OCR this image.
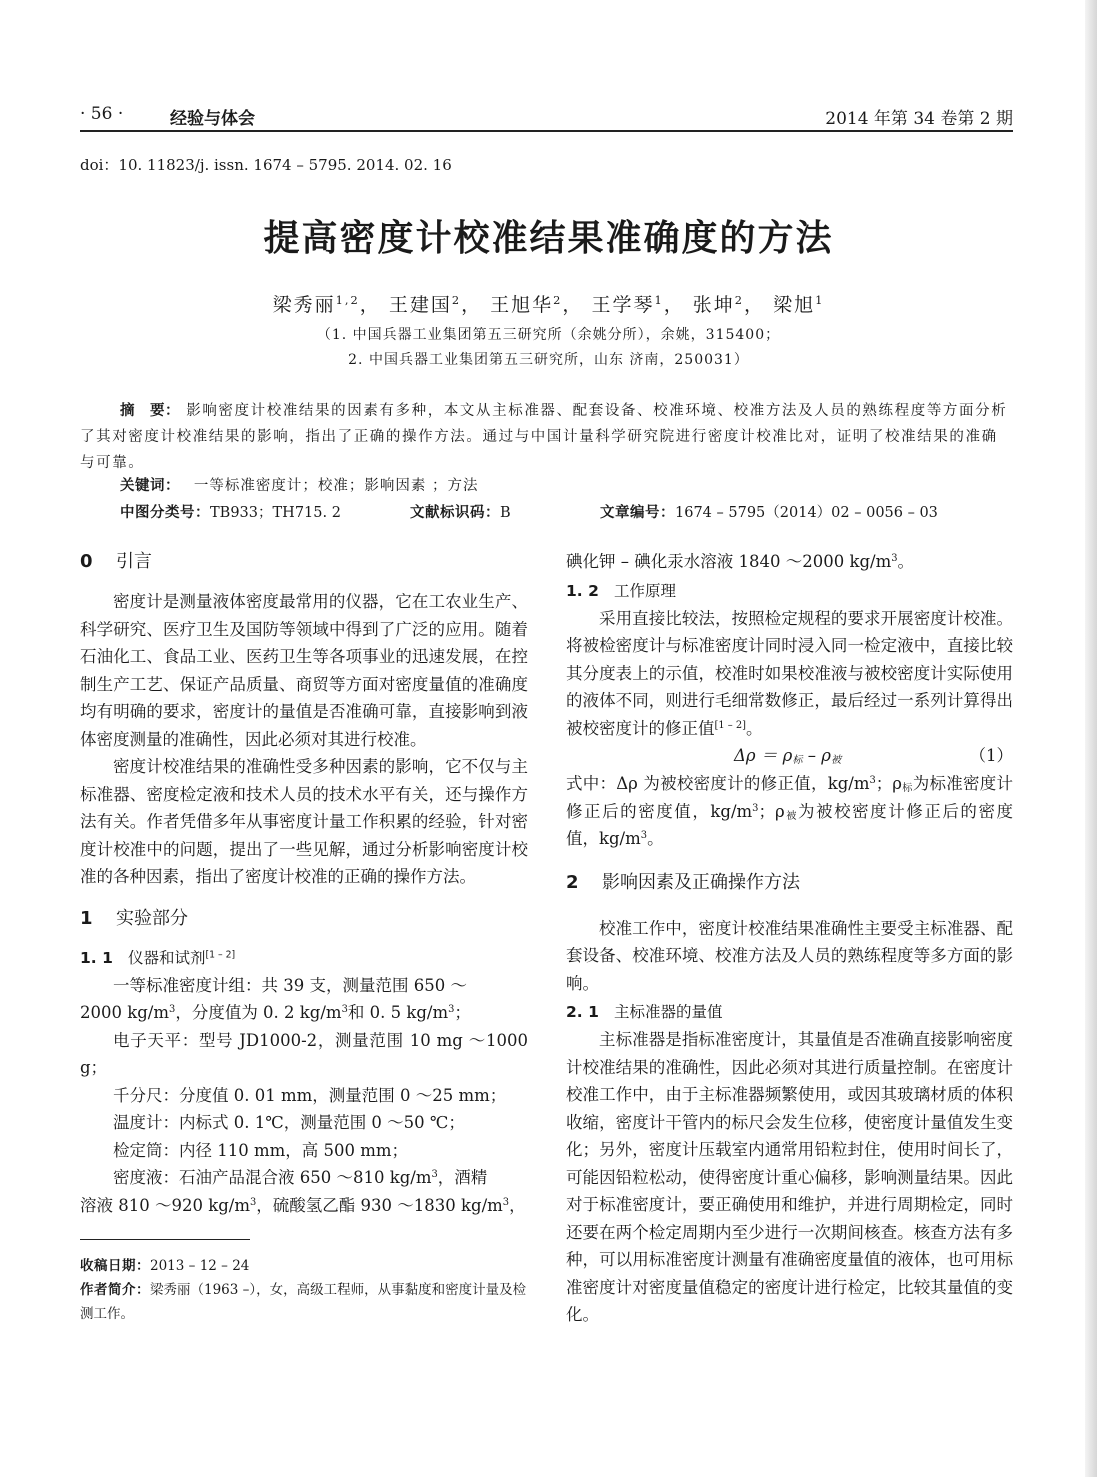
· 56 ·	经验与体会	2014 年第 34 卷第 2 期
doi：10. 11823/j. issn. 1674 – 5795. 2014. 02. 16
提高密度计校准结果准确度的方法
梁秀丽$^{1,2}$， 王建国$^2$， 王旭华$^2$， 王学琴$^1$， 张坤$^2$， 梁旭$^1$
（1. 中国兵器工业集团第五三研究所（余姚分所），余姚，315400；
2. 中国兵器工业集团第五三研究所，山东 济南，250031）
摘　要： 影响密度计校准结果的因素有多种，本文从主标准器、配套设备、校准环境、校准方法及人员的熟练程度等方面分析了其对密度计校准结果的影响，指出了正确的操作方法。通过与中国计量科学研究院进行密度计校准比对，证明了校准结果的准确与可靠。
关键词：　 一等标准密度计；校准；影响因素 ；方法
中图分类号：TB933；TH715. 2	文献标识码：B	文章编号：1674 – 5795（2014）02 – 0056 – 03
0 引言

密度计是测量液体密度最常用的仪器，它在工农业生产、科学研究、医疗卫生及国防等领域中得到了广泛的应用。随着石油化工、食品工业、医药卫生等各项事业的迅速发展，在控制生产工艺、保证产品质量、商贸等方面对密度量值的准确度均有明确的要求，密度计的量值是否准确可靠，直接影响到液体密度测量的准确性，因此必须对其进行校准。

密度计校准结果的准确性受多种因素的影响，它不仅与主标准器、密度检定液和技术人员的技术水平有关，还与操作方法有关。作者凭借多年从事密度计量工作积累的经验，针对密度计校准中的问题，提出了一些见解，通过分析影响密度计校准的各种因素，指出了密度计校准的正确的操作方法。

1 实验部分
1. 1 仪器和试剂[1 – 2]

一等标准密度计组：共 39 支，测量范围 650 ～

2000 $kg/m^3$，分度值为 0. 2 $kg/m^3$和 0. 5 $kg/m^3$；

电子天平：型号 JD1000-2，测量范围 10 mg ～1000 g；

千分尺：分度值 0. 01 mm，测量范围 0 ～25 mm；

温度计：内标式 0. 1℃，测量范围 0 ～50 ℃；

检定筒：内径 110 mm，高 500 mm；

密度液：石油产品混合液 650 ～810 $kg/m^3$，酒精

溶液 810 ～920 $kg/m^3$，硫酸氢乙酯 930 ～1830 $kg/m^3$，

收稿日期：2013 – 12 – 24

作者简介：梁秀丽（1963 –），女，高级工程师，从事黏度和密度计量及检测工作。

碘化钾 – 碘化汞水溶液 1840 ～2000 $kg/m^3$。

1. 2 工作原理

采用直接比较法，按照检定规程的要求开展密度计校准。将被检密度计与标准密度计同时浸入同一检定液中，直接比较其分度表上的示值，校准时如果校准液与被校密度计实际使用的液体不同，则进行毛细常数修正，最后经过一系列计算得出被校密度计的修正值[1 – 2]。

$\Delta\rho = \rho_标 - \rho_被$	（1）

式中：Δρ 为被校密度计的修正值，$kg/m^3$；$\rho_标$为标准密度计修正后的密度值，$kg/m^3$；$\rho_被$为被校密度计修正后的密度值，$kg/m^3$。

2 影响因素及正确操作方法

校准工作中，密度计校准结果准确性主要受主标准器、配套设备、校准环境、校准方法及人员的熟练程度等多方面的影响。

2. 1 主标准器的量值

主标准器是指标准密度计，其量值是否准确直接影响密度计校准结果的准确性，因此必须对其进行质量控制。在密度计校准工作中，由于主标准器频繁使用，或因其玻璃材质的体积收缩，密度计干管内的标尺会发生位移，使密度计量值发生变化；另外，密度计压载室内通常用铅粒封住，使用时间长了，可能因铅粒松动，使得密度计重心偏移，影响测量结果。因此对于标准密度计，要正确使用和维护，并进行周期检定，同时还要在两个检定周期内至少进行一次期间核查。核查方法有多种，可以用标准密度计测量有准确密度量值的液体，也可用标准密度计对密度量值稳定的密度计进行检定，比较其量值的变化。
